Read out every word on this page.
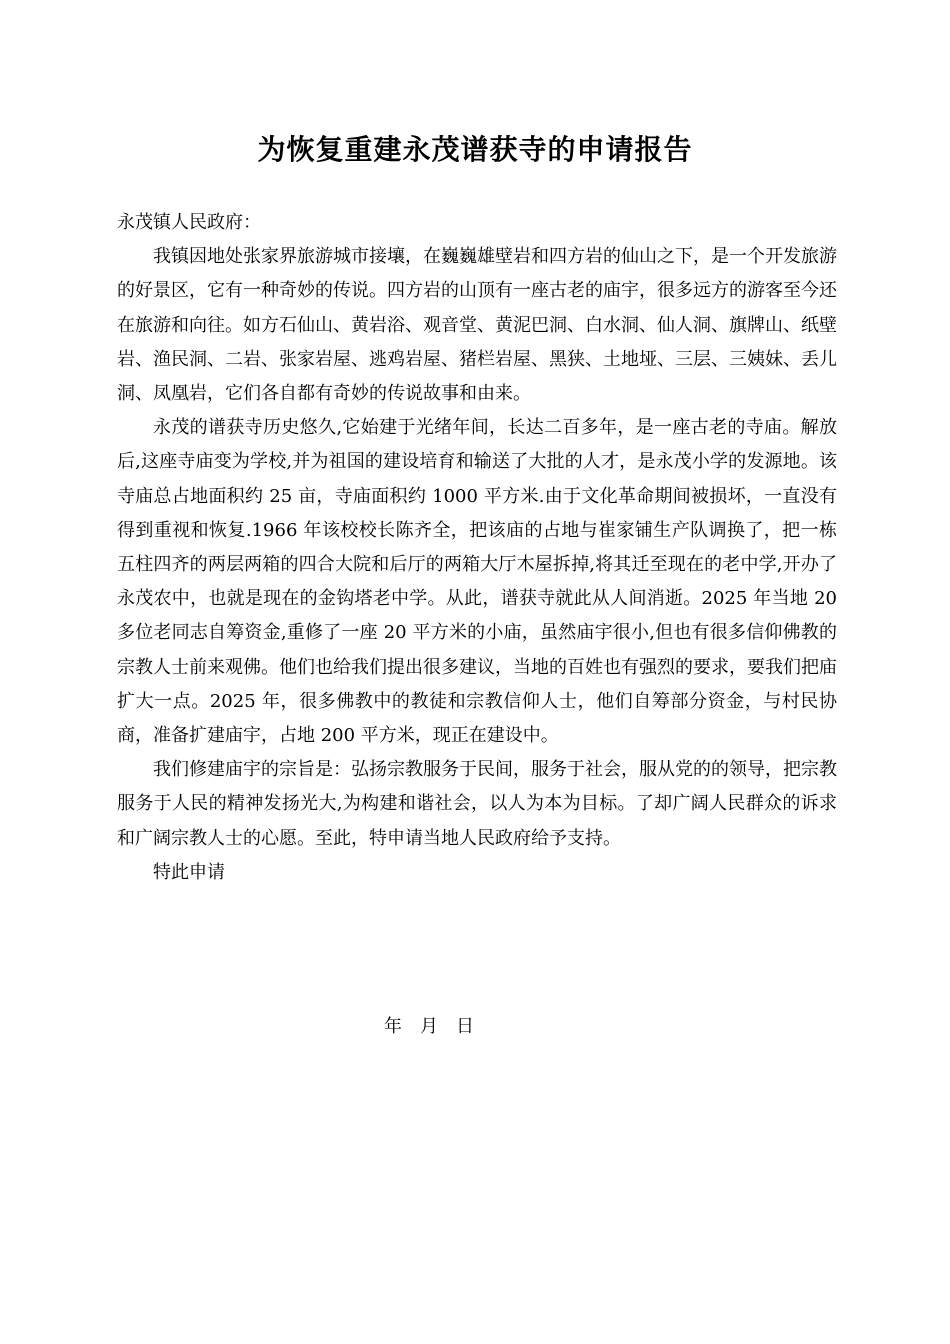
为恢复重建永茂谱获寺的申请报告

永茂镇人民政府：

我镇因地处张家界旅游城市接壤，在巍巍雄壁岩和四方岩的仙山之下，是一个开发旅游的好景区，它有一种奇妙的传说。四方岩的山顶有一座古老的庙宇，很多远方的游客至今还在旅游和向往。如方石仙山、黄岩浴、观音堂、黄泥巴洞、白水洞、仙人洞、旗牌山、纸壁岩、渔民洞、二岩、张家岩屋、逃鸡岩屋、猪栏岩屋、黑狭、土地垭、三层、三姨妹、丢儿洞、凤凰岩，它们各自都有奇妙的传说故事和由来。

永茂的谱获寺历史悠久,它始建于光绪年间，长达二百多年，是一座古老的寺庙。解放后,这座寺庙变为学校,并为祖国的建设培育和输送了大批的人才，是永茂小学的发源地。该寺庙总占地面积约 25 亩，寺庙面积约 1000 平方米.由于文化革命期间被损坏，一直没有得到重视和恢复.1966 年该校校长陈齐全，把该庙的占地与崔家铺生产队调换了，把一栋五柱四齐的两层两箱的四合大院和后厅的两箱大厅木屋拆掉,将其迁至现在的老中学,开办了永茂农中，也就是现在的金钩塔老中学。从此，谱获寺就此从人间消逝。2025 年当地 20 多位老同志自筹资金,重修了一座 20 平方米的小庙，虽然庙宇很小,但也有很多信仰佛教的宗教人士前来观佛。他们也给我们提出很多建议，当地的百姓也有强烈的要求，要我们把庙扩大一点。2025 年，很多佛教中的教徒和宗教信仰人士，他们自筹部分资金，与村民协商，准备扩建庙宇，占地 200 平方米，现正在建设中。

我们修建庙宇的宗旨是：弘扬宗教服务于民间，服务于社会，服从党的的领导，把宗教服务于人民的精神发扬光大,为构建和谐社会，以人为本为目标。了却广阔人民群众的诉求和广阔宗教人士的心愿。至此，特申请当地人民政府给予支持。

特此申请

年　月　日
